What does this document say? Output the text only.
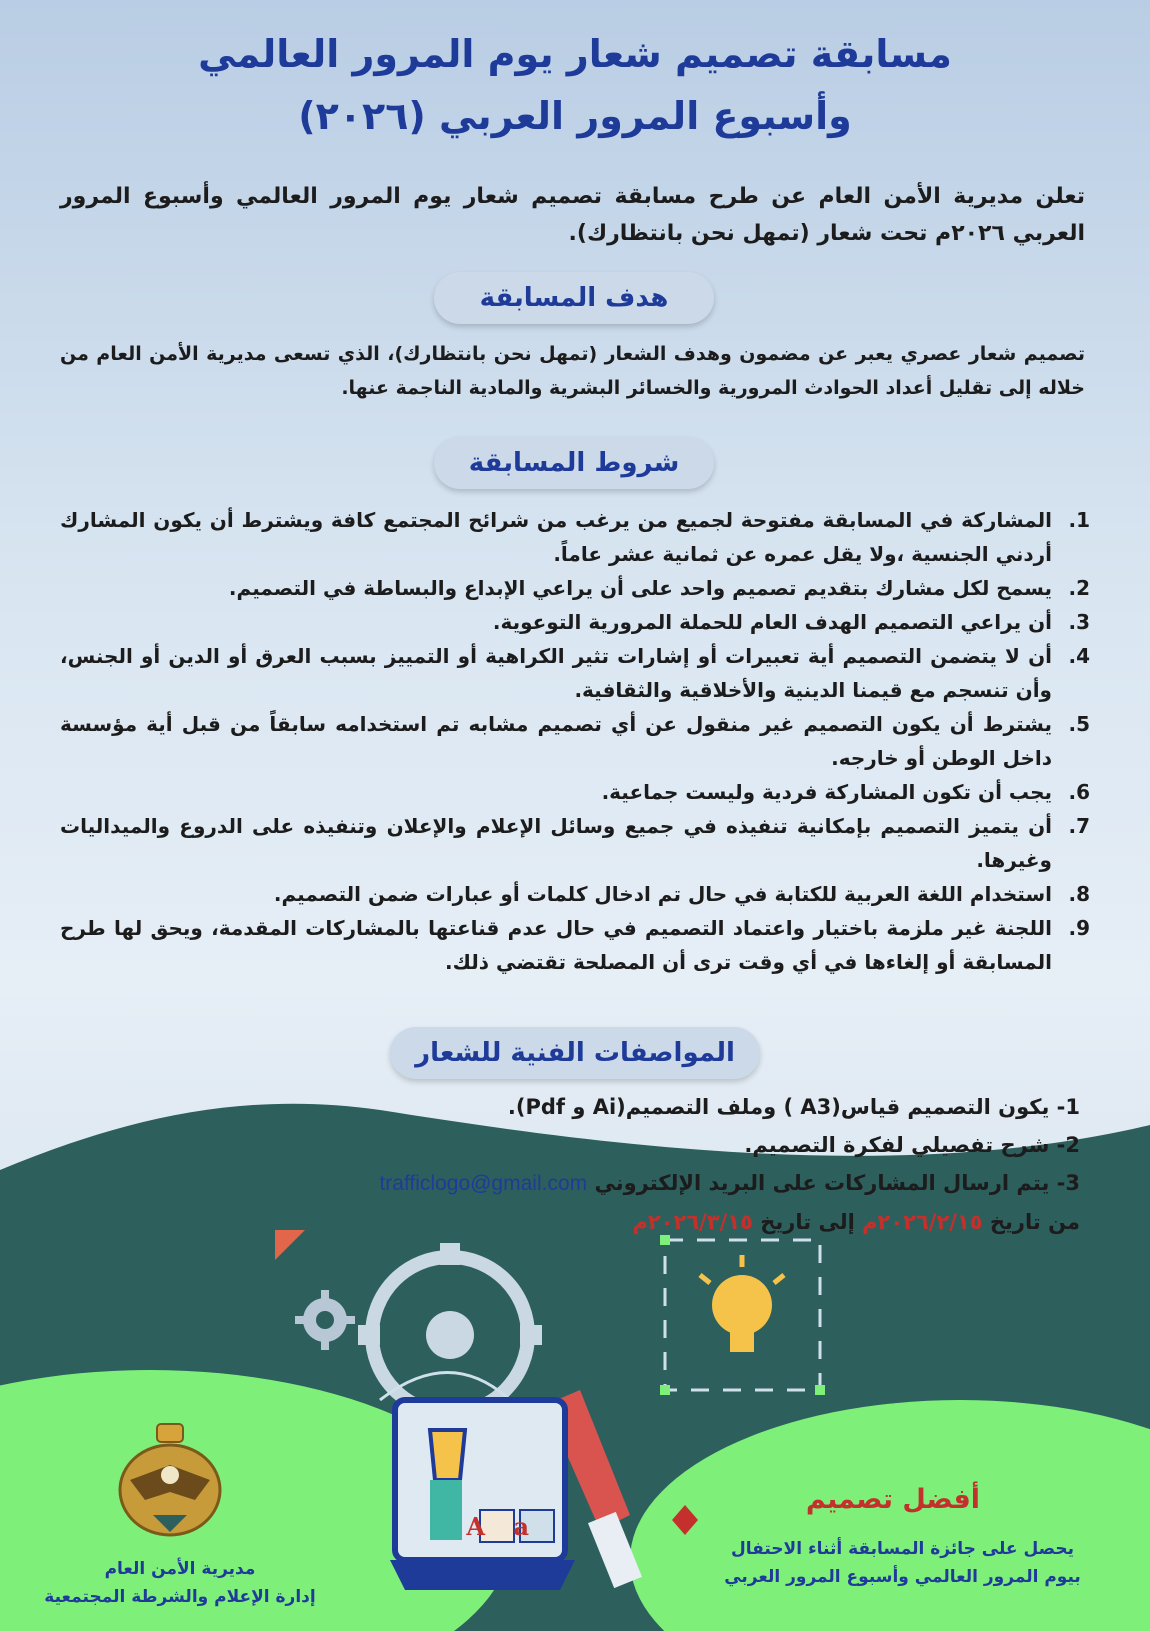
مسابقة تصميم شعار يوم المرور العالمي
وأسبوع المرور العربي (٢٠٢٦)
تعلن مديرية الأمن العام عن طرح مسابقة تصميم شعار يوم المرور العالمي وأسبوع المرور العربي ٢٠٢٦م تحت شعار (تمهل نحن بانتظارك).
هدف المسابقة
تصميم شعار عصري يعبر عن مضمون وهدف الشعار (تمهل نحن بانتظارك)، الذي تسعى مديرية الأمن العام من خلاله إلى تقليل أعداد الحوادث المرورية والخسائر البشرية والمادية الناجمة عنها.
شروط المسابقة
1.
المشاركة في المسابقة مفتوحة لجميع من يرغب من شرائح المجتمع كافة ويشترط أن يكون المشارك أردني الجنسية ،ولا يقل عمره عن ثمانية عشر عاماً.
2.
يسمح لكل مشارك بتقديم تصميم واحد على أن يراعي الإبداع والبساطة في التصميم.
3.
أن يراعي التصميم الهدف العام للحملة المرورية التوعوية.
4.
أن لا يتضمن التصميم أية تعبيرات أو إشارات تثير الكراهية أو التمييز بسبب العرق أو الدين أو الجنس، وأن تنسجم مع قيمنا الدينية والأخلاقية والثقافية.
5.
يشترط أن يكون التصميم غير منقول عن أي تصميم مشابه تم استخدامه سابقاً من قبل أية مؤسسة داخل الوطن أو خارجه.
6.
يجب أن تكون المشاركة فردية وليست جماعية.
7.
أن يتميز التصميم بإمكانية تنفيذه في جميع وسائل الإعلام والإعلان وتنفيذه على الدروع والميداليات وغيرها.
8.
استخدام اللغة العربية للكتابة في حال تم ادخال كلمات أو عبارات ضمن التصميم.
9.
اللجنة غير ملزمة باختيار واعتماد التصميم في حال عدم قناعتها بالمشاركات المقدمة، ويحق لها طرح المسابقة أو إلغاءها في أي وقت ترى أن المصلحة تقتضي ذلك.
المواصفات الفنية للشعار
1- يكون التصميم قياس(A3 ) وملف التصميم(Ai و Pdf).
2- شرح تفصيلي لفكرة التصميم.
3- يتم ارسال المشاركات على البريد الإلكتروني trafficlogo@gmail.com
من تاريخ ٢٠٢٦/٢/١٥م إلى تاريخ ٢٠٢٦/٣/١٥م
مديرية الأمن العام
إدارة الإعلام والشرطة المجتمعية
أفضل تصميم
يحصل على جائزة المسابقة أثناء الاحتفال
بيوم المرور العالمي وأسبوع المرور العربي
A a
